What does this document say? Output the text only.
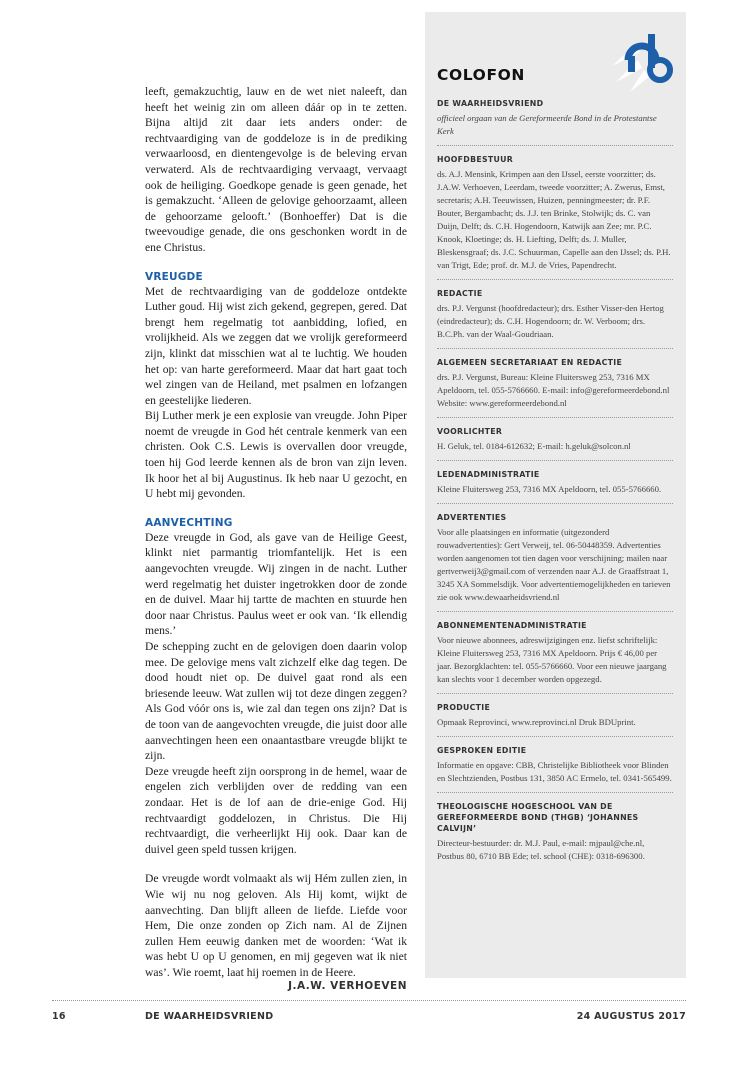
leeft, gemakzuchtig, lauw en de wet niet naleeft, dan heeft het weinig zin om alleen dáár op in te zetten. Bijna altijd zit daar iets anders onder: de rechtvaardiging van de goddeloze is in de prediking verwaarloosd, en dientengevolge is de beleving ervan verwaterd. Als de rechtvaardiging vervaagt, vervaagt ook de heiliging. Goedkope genade is geen genade, het is gemakzucht. ‘Alleen de gelovige gehoorzaamt, alleen de gehoorzame gelooft.’ (Bonhoeffer) Dat is die tweevoudige genade, die ons geschonken wordt in de ene Christus.

VREUGDE

Met de rechtvaardiging van de goddeloze ontdekte Luther goud. Hij wist zich gekend, gegrepen, gered. Dat brengt hem regelmatig tot aanbidding, lofied, en vrolijkheid. Als we zeggen dat we vrolijk gereformeerd zijn, klinkt dat misschien wat al te luchtig. We houden het op: van harte gereformeerd. Maar dat hart gaat toch wel zingen van de Heiland, met psalmen en lofzangen en geestelijke liederen.

Bij Luther merk je een explosie van vreugde. John Piper noemt de vreugde in God hét centrale kenmerk van een christen. Ook C.S. Lewis is overvallen door vreugde, toen hij God leerde kennen als de bron van zijn leven. Ik hoor het al bij Augustinus. Ik heb naar U gezocht, en U hebt mij gevonden.

AANVECHTING

Deze vreugde in God, als gave van de Heilige Geest, klinkt niet parmantig triomfantelijk. Het is een aangevochten vreugde. Wij zingen in de nacht. Luther werd regelmatig het duister ingetrokken door de zonde en de duivel. Maar hij tartte de machten en stuurde hen door naar Christus. Paulus weet er ook van. ‘Ik ellendig mens.’

De schepping zucht en de gelovigen doen daarin volop mee. De gelovige mens valt zichzelf elke dag tegen. De dood houdt niet op. De duivel gaat rond als een briesende leeuw. Wat zullen wij tot deze dingen zeggen? Als God vóór ons is, wie zal dan tegen ons zijn? Dat is de toon van de aangevochten vreugde, die juist door alle aanvechtingen heen een onaantastbare vreugde blijkt te zijn.

Deze vreugde heeft zijn oorsprong in de hemel, waar de engelen zich verblijden over de redding van een zondaar. Het is de lof aan de drie-enige God. Hij rechtvaardigt goddelozen, in Christus. Die Hij rechtvaardigt, die verheerlijkt Hij ook. Daar kan de duivel geen speld tussen krijgen.

De vreugde wordt volmaakt als wij Hém zullen zien, in Wie wij nu nog geloven. Als Hij komt, wijkt de aanvechting. Dan blijft alleen de liefde. Liefde voor Hem, Die onze zonden op Zich nam. Al de Zijnen zullen Hem eeuwig danken met de woorden: ‘Wat ik was hebt U op U genomen, en mij gegeven wat ik niet was’. Wie roemt, laat hij roemen in de Heere.

J.A.W. VERHOEVEN

COLOFON

DE WAARHEIDSVRIEND

officieel orgaan van de Gereformeerde Bond in de Protestantse Kerk

HOOFDBESTUUR

ds. A.J. Mensink, Krimpen aan den IJssel, eerste voorzitter; ds. J.A.W. Verhoeven, Leerdam, tweede voorzitter; A. Zwerus, Emst, secretaris; A.H. Teeuwissen, Huizen, penningmeester; dr. P.F. Bouter, Bergambacht; ds. J.J. ten Brinke, Stolwijk; ds. C. van Duijn, Delft; ds. C.H. Hogendoorn, Katwijk aan Zee; mr. P.C. Knook, Kloetinge; ds. H. Liefting, Delft; ds. J. Muller, Bleskensgraaf; ds. J.C. Schuurman, Capelle aan den IJssel; ds. P.H. van Trigt, Ede; prof. dr. M.J. de Vries, Papendrecht.

REDACTIE

drs. P.J. Vergunst (hoofdredacteur); drs. Esther Visser-den Hertog (eindredacteur); ds. C.H. Hogendoorn; dr. W. Verboom; drs. B.C.Ph. van der Waal-Goudriaan.

ALGEMEEN SECRETARIAAT EN REDACTIE

drs. P.J. Vergunst, Bureau: Kleine Fluitersweg 253, 7316 MX Apeldoorn, tel. 055-5766660. E-mail: info@gereformeerdebond.nl Website: www.gereformeerdebond.nl

VOORLICHTER

H. Geluk, tel. 0184-612632; E-mail: h.geluk@solcon.nl

LEDENADMINISTRATIE

Kleine Fluitersweg 253, 7316 MX Apeldoorn, tel. 055-5766660.

ADVERTENTIES

Voor alle plaatsingen en informatie (uitgezonderd rouwadvertenties): Gert Verweij, tel. 06-50448359. Advertenties worden aangenomen tot tien dagen voor verschijning; mailen naar gertverweij3@gmail.com of verzenden naar A.J. de Graaffstraat 1, 3245 XA Sommelsdijk. Voor advertentiemogelijkheden en tarieven zie ook www.dewaarheidsvriend.nl

ABONNEMENTENADMINISTRATIE

Voor nieuwe abonnees, adreswijzigingen enz. liefst schriftelijk: Kleine Fluitersweg 253, 7316 MX Apeldoorn. Prijs € 46,00 per jaar. Bezorgklachten: tel. 055-5766660. Voor een nieuwe jaargang kan slechts voor 1 december worden opgezegd.

PRODUCTIE

Opmaak Reprovinci, www.reprovinci.nl Druk BDUprint.

GESPROKEN EDITIE

Informatie en opgave: CBB, Christelijke Bibliotheek voor Blinden en Slechtzienden, Postbus 131, 3850 AC Ermelo, tel. 0341-565499.

THEOLOGISCHE HOGESCHOOL VAN DE GEREFORMEERDE BOND (THGB) ‘JOHANNES CALVIJN’

Directeur-bestuurder: dr. M.J. Paul, e-mail: mjpaul@che.nl, Postbus 80, 6710 BB Ede; tel. school (CHE): 0318-696300.

16	DE WAARHEIDSVRIEND	24 AUGUSTUS 2017
